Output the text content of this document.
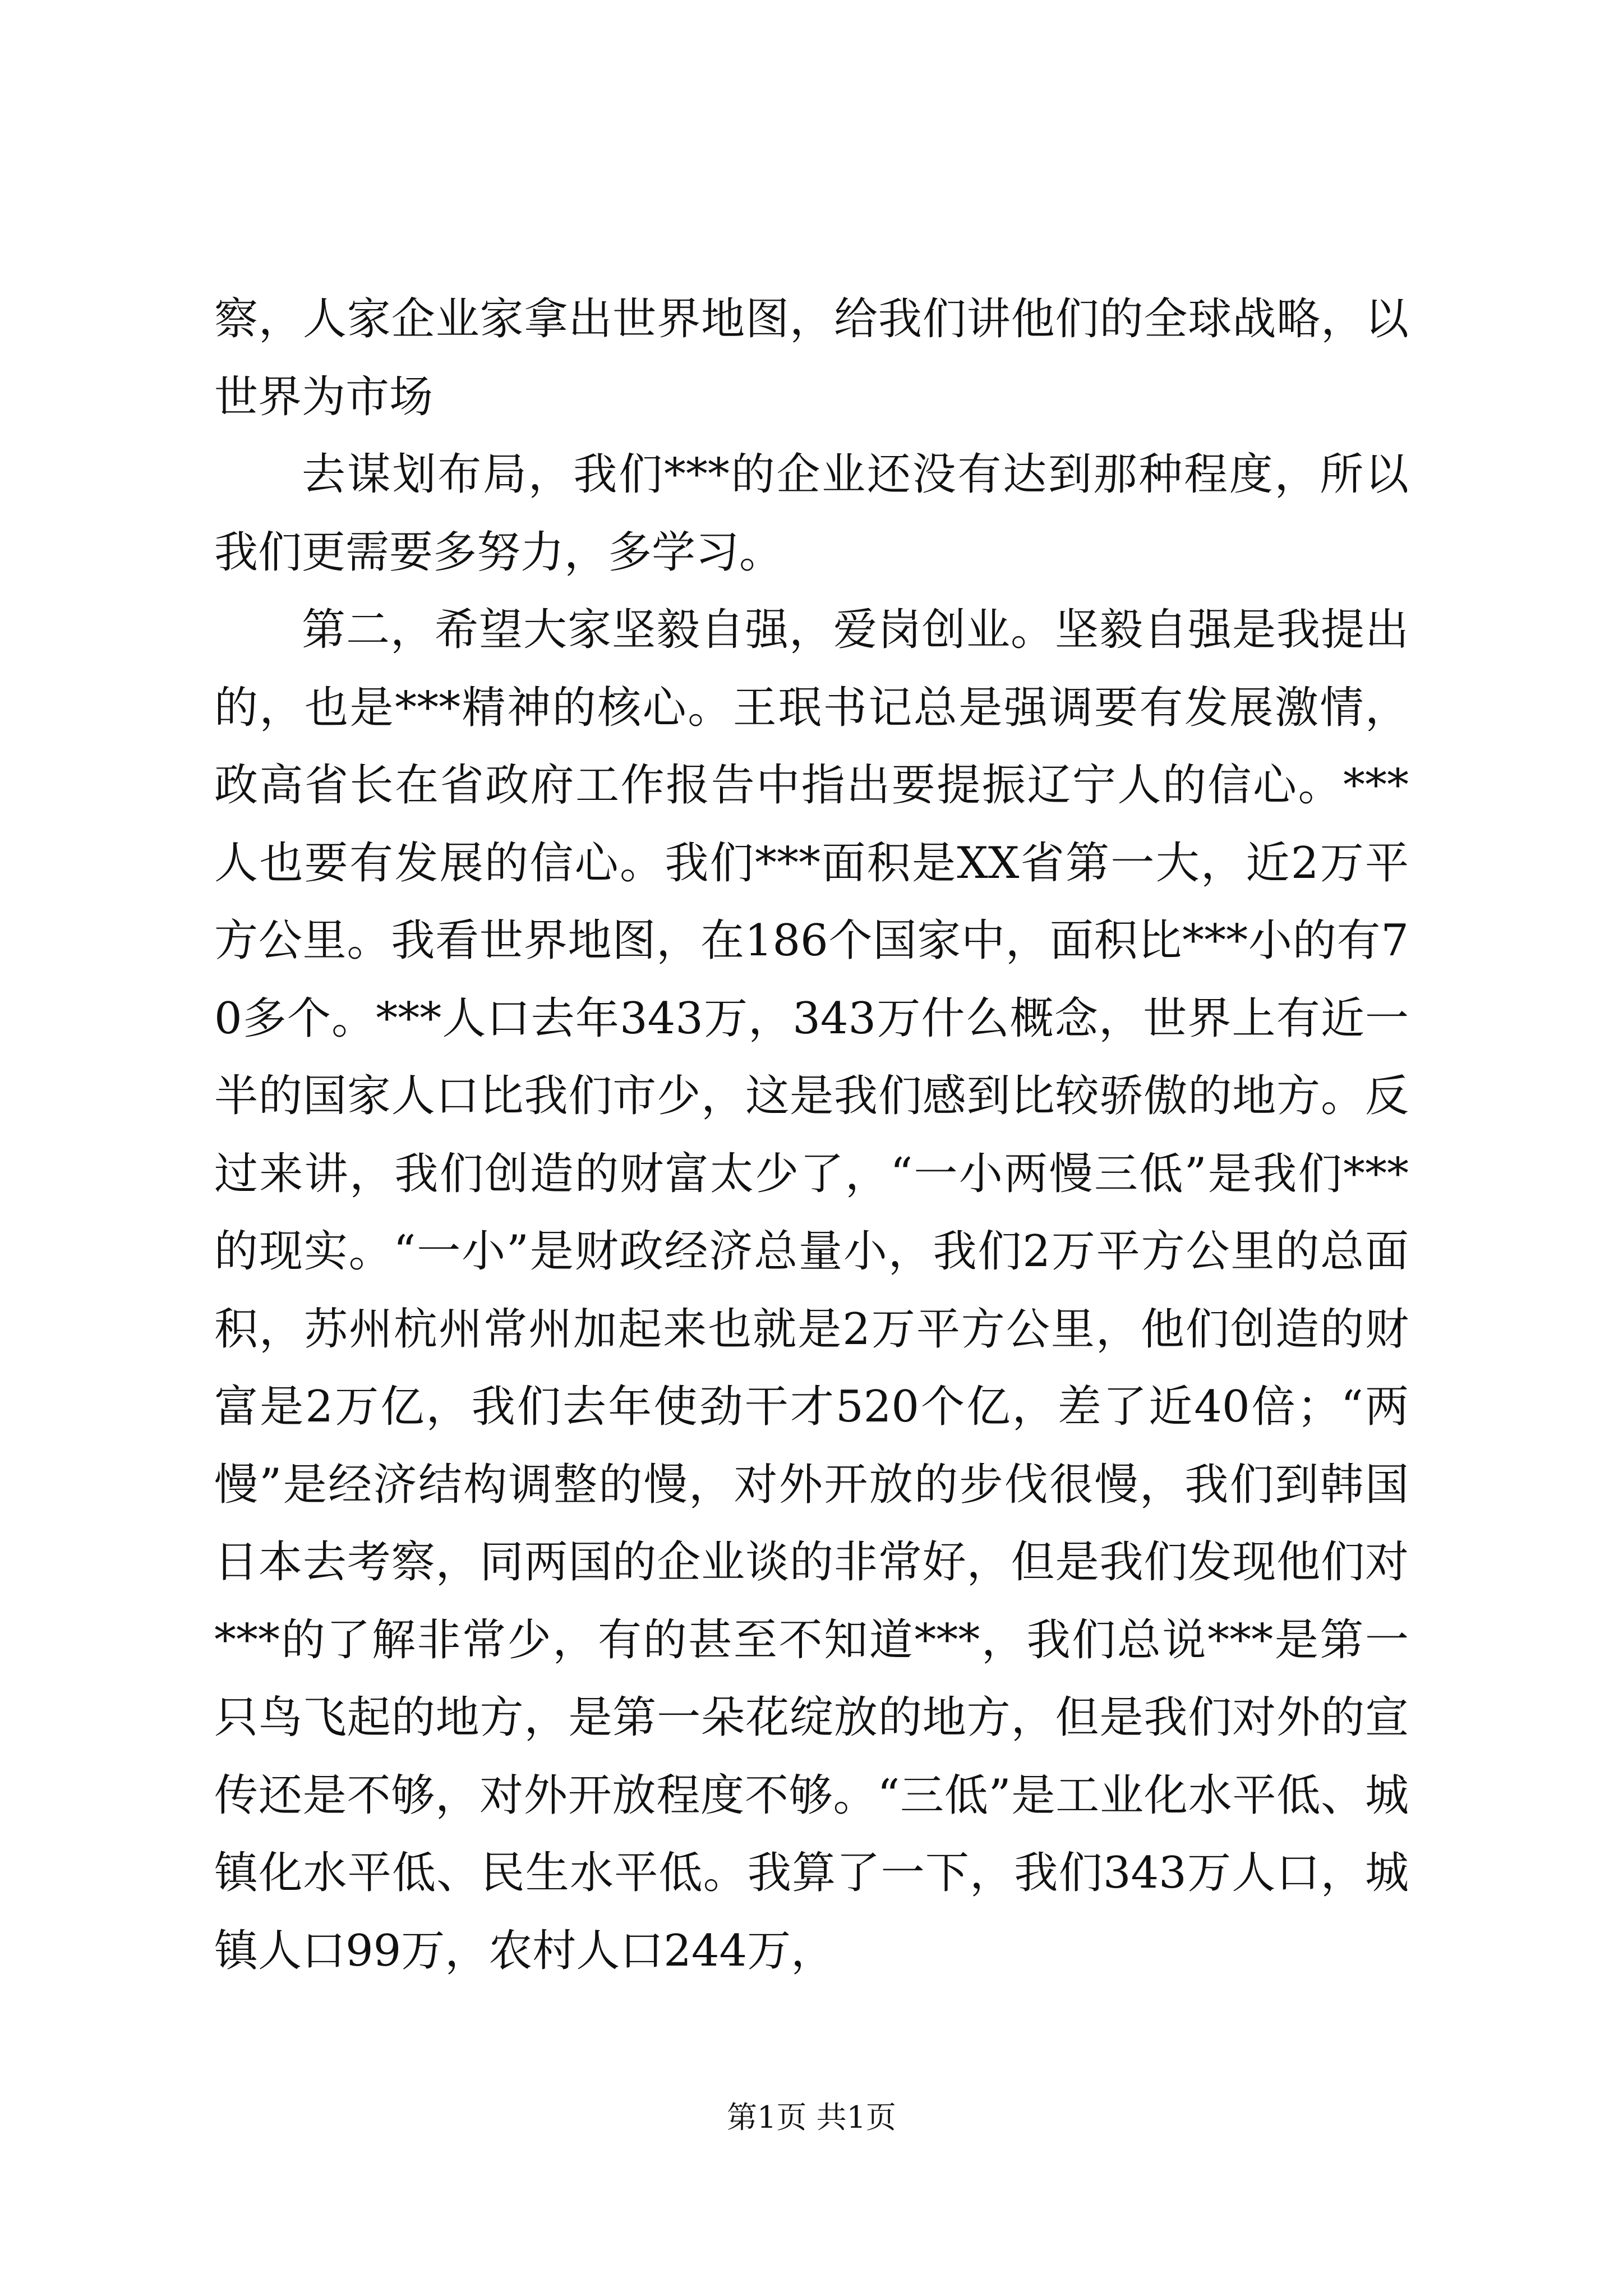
察，人家企业家拿出世界地图，给我们讲他们的全球战略，以世界为市场

去谋划布局，我们***的企业还没有达到那种程度，所以我们更需要多努力，多学习。

第二，希望大家坚毅自强，爱岗创业。坚毅自强是我提出的，也是***精神的核心。王珉书记总是强调要有发展激情，政高省长在省政府工作报告中指出要提振辽宁人的信心。***人也要有发展的信心。我们***面积是XX省第一大，近2万平方公里。我看世界地图，在186个国家中，面积比***小的有70多个。***人口去年343万，343万什么概念，世界上有近一半的国家人口比我们市少，这是我们感到比较骄傲的地方。反过来讲，我们创造的财富太少了，“一小两慢三低”是我们***的现实。“一小”是财政经济总量小，我们2万平方公里的总面积，苏州杭州常州加起来也就是2万平方公里，他们创造的财富是2万亿，我们去年使劲干才520个亿，差了近40倍；“两慢”是经济结构调整的慢，对外开放的步伐很慢，我们到韩国日本去考察，同两国的企业谈的非常好，但是我们发现他们对***的了解非常少，有的甚至不知道***，我们总说***是第一只鸟飞起的地方，是第一朵花绽放的地方，但是我们对外的宣传还是不够，对外开放程度不够。“三低”是工业化水平低、城镇化水平低、民生水平低。我算了一下，我们343万人口，城镇人口99万，农村人口244万，

第1页 共1页
